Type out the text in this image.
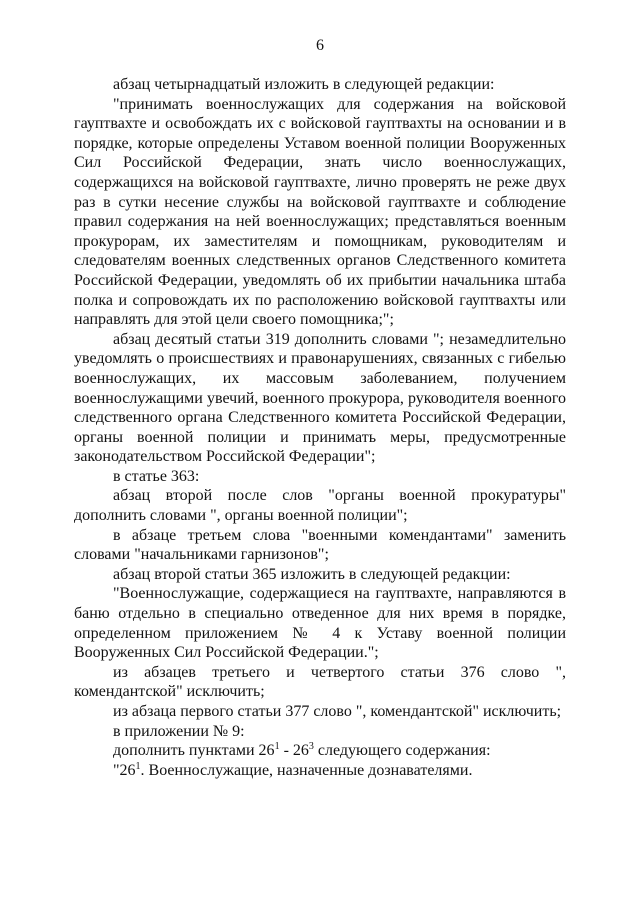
6

абзац четырнадцатый изложить в следующей редакции:

"принимать военнослужащих для содержания на войсковой гауптвахте и освобождать их с войсковой гауптвахты на основании и в порядке, которые определены Уставом военной полиции Вооруженных Сил Российской Федерации, знать число военнослужащих, содержащихся на войсковой гауптвахте, лично проверять не реже двух раз в сутки несение службы на войсковой гауптвахте и соблюдение правил содержания на ней военнослужащих; представляться военным прокурорам, их заместителям и помощникам, руководителям и следователям военных следственных органов Следственного комитета Российской Федерации, уведомлять об их прибытии начальника штаба полка и сопровождать их по расположению войсковой гауптвахты или направлять для этой цели своего помощника;";

абзац десятый статьи 319 дополнить словами "; незамедлительно уведомлять о происшествиях и правонарушениях, связанных с гибелью военнослужащих, их массовым заболеванием, получением военнослужащими увечий, военного прокурора, руководителя военного следственного органа Следственного комитета Российской Федерации, органы военной полиции и принимать меры, предусмотренные законодательством Российской Федерации";

в статье 363:

абзац второй после слов "органы военной прокуратуры" дополнить словами ", органы военной полиции";

в абзаце третьем слова "военными комендантами" заменить словами "начальниками гарнизонов";

абзац второй статьи 365 изложить в следующей редакции:

"Военнослужащие, содержащиеся на гауптвахте, направляются в баню отдельно в специально отведенное для них время в порядке, определенном приложением № 4 к Уставу военной полиции Вооруженных Сил Российской Федерации.";

из абзацев третьего и четвертого статьи 376 слово ", комендантской" исключить;

из абзаца первого статьи 377 слово ", комендантской" исключить;

в приложении № 9:

дополнить пунктами $26^1 - 26^3$ следующего содержания:

"$26^1$. Военнослужащие, назначенные дознавателями.
